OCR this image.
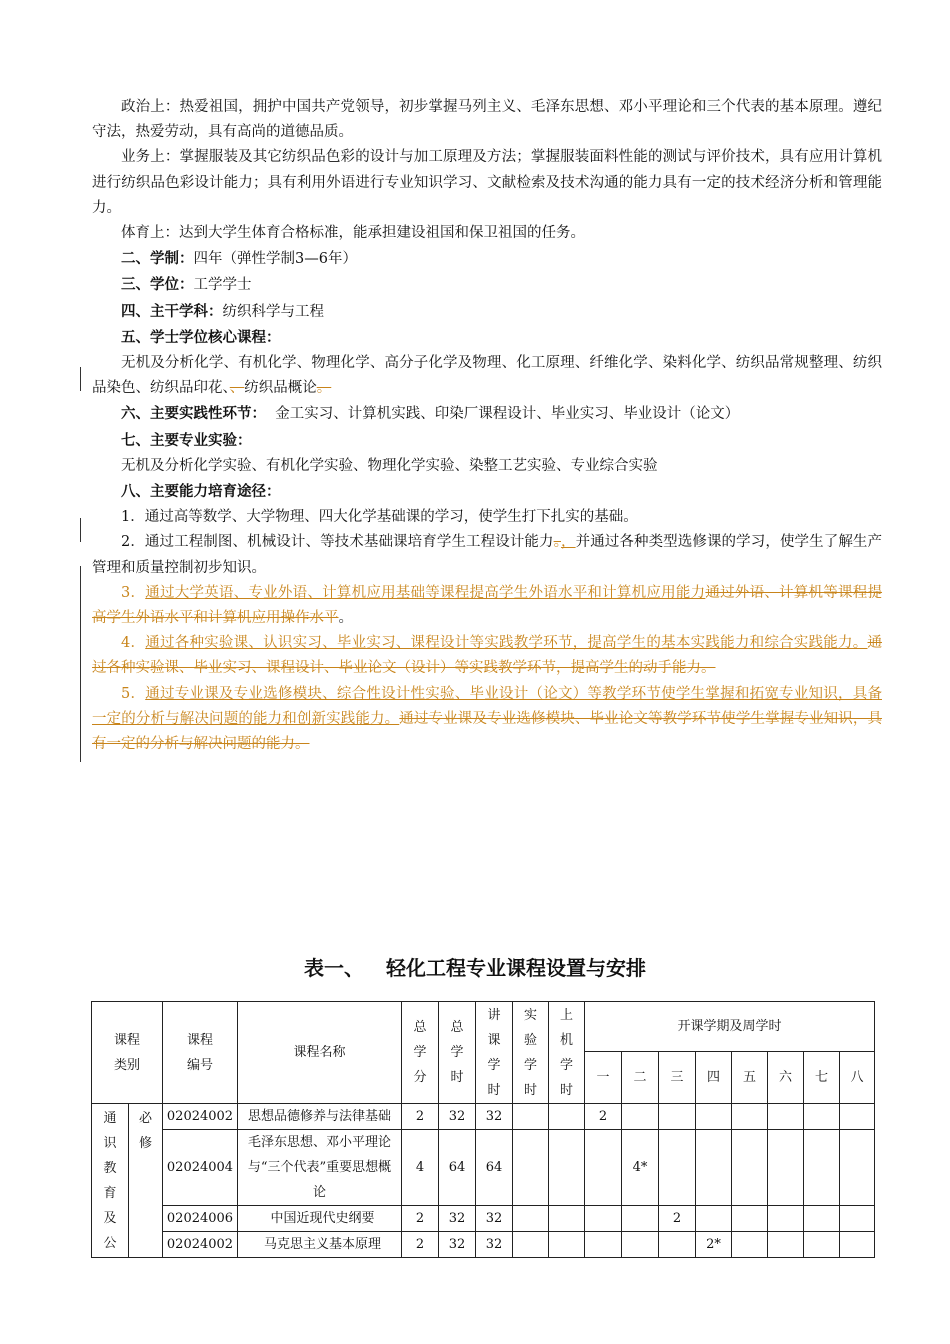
政治上：热爱祖国，拥护中国共产党领导，初步掌握马列主义、毛泽东思想、邓小平理论和三个代表的基本原理。遵纪守法，热爱劳动，具有高尚的道德品质。

业务上：掌握服装及其它纺织品色彩的设计与加工原理及方法；掌握服装面料性能的测试与评价技术，具有应用计算机进行纺织品色彩设计能力；具有利用外语进行专业知识学习、文献检索及技术沟通的能力具有一定的技术经济分析和管理能力。

体育上：达到大学生体育合格标准，能承担建设祖国和保卫祖国的任务。

二、学制：四年（弹性学制3—6年）

三、学位：工学学士

四、主干学科：纺织科学与工程

五、学士学位核心课程：

无机及分析化学、有机化学、物理化学、高分子化学及物理、化工原理、纤维化学、染料化学、纺织品常规整理、纺织品染色、纺织品印花、、纺织品概论。

六、主要实践性环节： 金工实习、计算机实践、印染厂课程设计、毕业实习、毕业设计（论文）

七、主要专业实验：

无机及分析化学实验、有机化学实验、物理化学实验、染整工艺实验、专业综合实验

八、主要能力培育途径：

1．通过高等数学、大学物理、四大化学基础课的学习，使学生打下扎实的基础。

2．通过工程制图、机械设计、等技术基础课培育学生工程设计能力。，并通过各种类型选修课的学习，使学生了解生产管理和质量控制初步知识。

3．通过大学英语、专业外语、计算机应用基础等课程提高学生外语水平和计算机应用能力通过外语、计算机等课程提高学生外语水平和计算机应用操作水平。

4．通过各种实验课、认识实习、毕业实习、课程设计等实践教学环节，提高学生的基本实践能力和综合实践能力。通过各种实验课、毕业实习、课程设计、毕业论文（设计）等实践教学环节，提高学生的动手能力。

5．通过专业课及专业选修模块、综合性设计性实验、毕业设计（论文）等教学环节使学生掌握和拓宽专业知识，具备一定的分析与解决问题的能力和创新实践能力。通过专业课及专业选修模块、毕业论文等教学环节使学生掌握专业知识，具有一定的分析与解决问题的能力。

表一、 轻化工程专业课程设置与安排
课程类别		课程编号	课程名称	总学分	总学时	讲课学时	实验学时	上机学时	开课学期及周学时							
									一	二	三	四	五	六	七	八

通识教育及公	必修	02024002	思想品德修养与法律基础	2	32	32			2							
		02024004	毛泽东思想、邓小平理论与“三个代表”重要思想概论	4	64	64				4*						
		02024006	中国近现代史纲要	2	32	32					2					
		02024002	马克思主义基本原理	2	32	32						2*				
